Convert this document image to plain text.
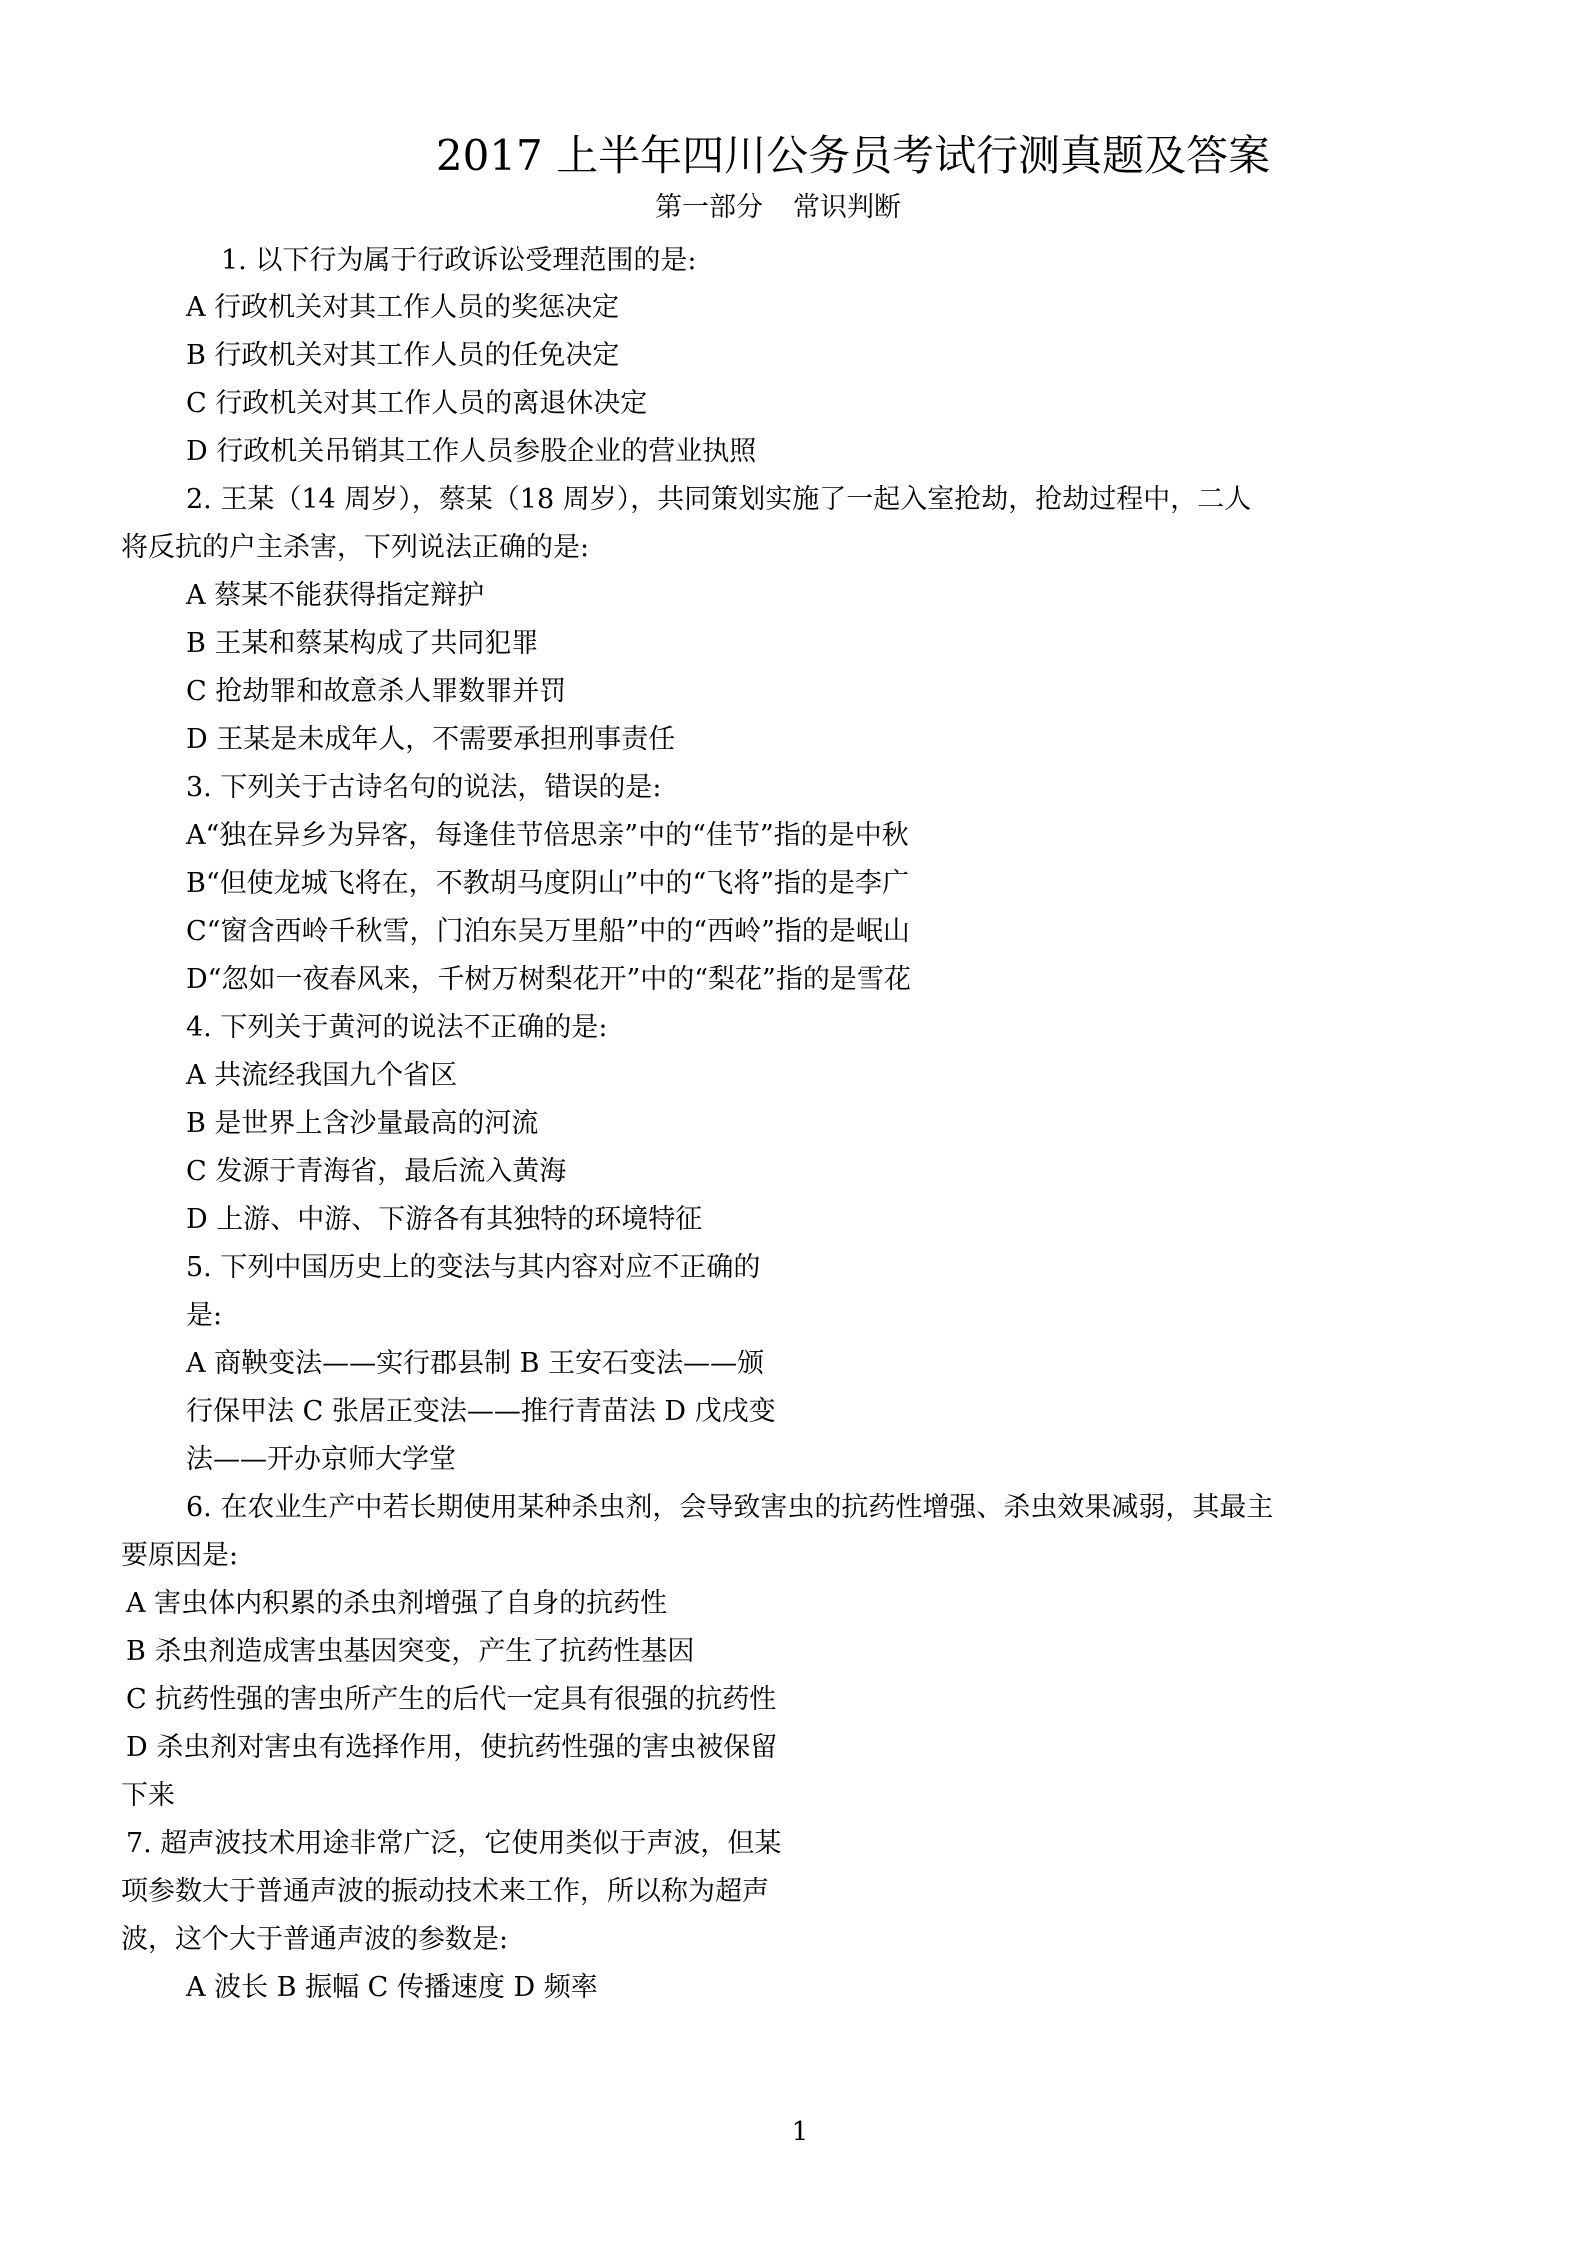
2017 上半年四川公务员考试行测真题及答案
第一部分 常识判断
1. 以下行为属于行政诉讼受理范围的是:
A 行政机关对其工作人员的奖惩决定
B 行政机关对其工作人员的任免决定
C 行政机关对其工作人员的离退休决定
D 行政机关吊销其工作人员参股企业的营业执照
2. 王某（14 周岁），蔡某（18 周岁），共同策划实施了一起入室抢劫，抢劫过程中，二人
将反抗的户主杀害，下列说法正确的是:
A 蔡某不能获得指定辩护
B 王某和蔡某构成了共同犯罪
C 抢劫罪和故意杀人罪数罪并罚
D 王某是未成年人，不需要承担刑事责任
3. 下列关于古诗名句的说法，错误的是:
A“独在异乡为异客，每逢佳节倍思亲”中的“佳节”指的是中秋
B“但使龙城飞将在，不教胡马度阴山”中的“飞将”指的是李广
C“窗含西岭千秋雪，门泊东吴万里船”中的“西岭”指的是岷山
D“忽如一夜春风来，千树万树梨花开”中的“梨花”指的是雪花
4. 下列关于黄河的说法不正确的是:
A 共流经我国九个省区
B 是世界上含沙量最高的河流
C 发源于青海省，最后流入黄海
D 上游、中游、下游各有其独特的环境特征
5. 下列中国历史上的变法与其内容对应不正确的
是:
A 商鞅变法——实行郡县制 B 王安石变法——颁
行保甲法 C 张居正变法——推行青苗法 D 戊戌变
法——开办京师大学堂
6. 在农业生产中若长期使用某种杀虫剂，会导致害虫的抗药性增强、杀虫效果减弱，其最主
要原因是:
A 害虫体内积累的杀虫剂增强了自身的抗药性
B 杀虫剂造成害虫基因突变，产生了抗药性基因
C 抗药性强的害虫所产生的后代一定具有很强的抗药性
D 杀虫剂对害虫有选择作用，使抗药性强的害虫被保留
下来
7. 超声波技术用途非常广泛，它使用类似于声波，但某
项参数大于普通声波的振动技术来工作，所以称为超声
波，这个大于普通声波的参数是:
A 波长 B 振幅 C 传播速度 D 频率
1
